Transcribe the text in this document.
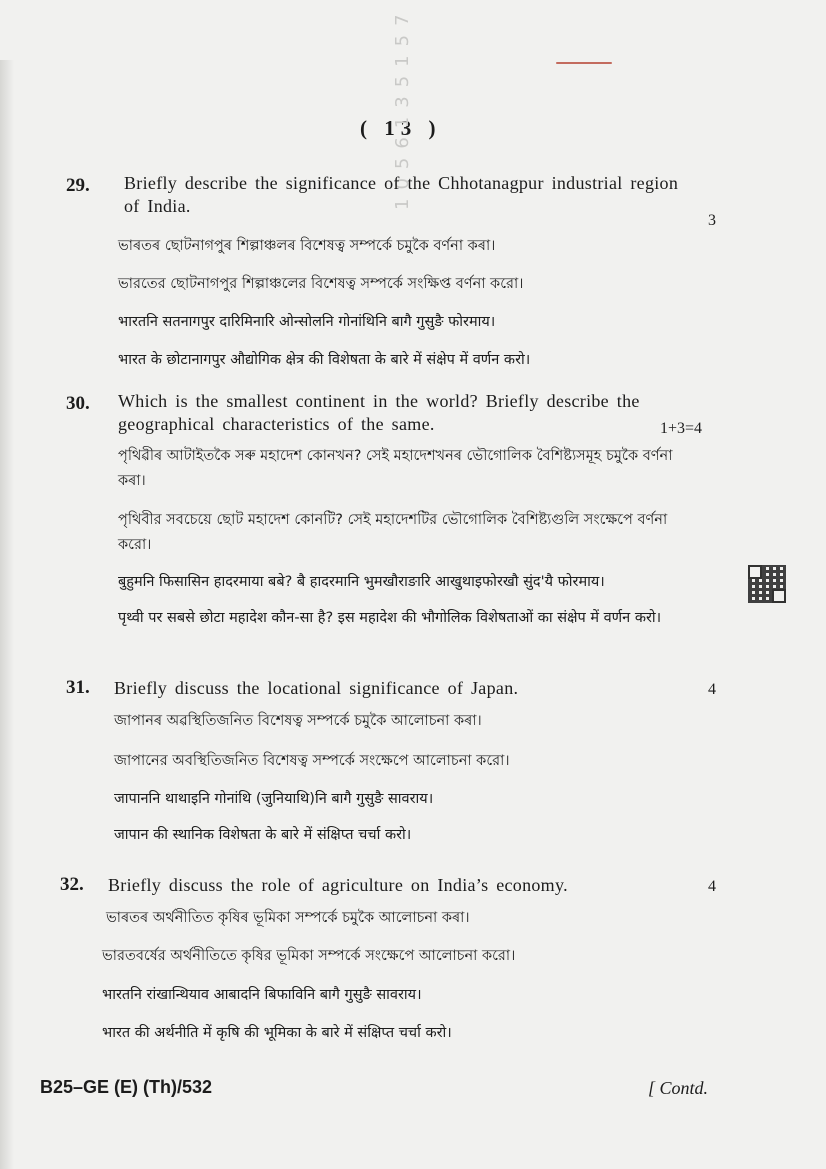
( 13 )
1056135157
29. Briefly describe the significance of the Chhotanagpur industrial region of India.
3
ভাৰতৰ ছোটনাগপুৰ শিল্পাঞ্চলৰ বিশেষত্ব সম্পৰ্কে চমুকৈ বৰ্ণনা কৰা।
ভারতের ছোটনাগপুর শিল্পাঞ্চলের বিশেষত্ব সম্পর্কে সংক্ষিপ্ত বর্ণনা করো।
भारतनि सतनागपुर दारिमिनारि ओन्सोलनि गोनांथिनि बागै गुसुङै फोरमाय।
भारत के छोटानागपुर औद्योगिक क्षेत्र की विशेषता के बारे में संक्षेप में वर्णन करो।
30. Which is the smallest continent in the world? Briefly describe the geographical characteristics of the same.	1+3=4
পৃথিৱীৰ আটাইতকৈ সৰু মহাদেশ কোনখন? সেই মহাদেশখনৰ ভৌগোলিক বৈশিষ্ট্যসমূহ চমুকৈ বৰ্ণনা কৰা।
পৃথিবীর সবচেয়ে ছোট মহাদেশ কোনটি? সেই মহাদেশটির ভৌগোলিক বৈশিষ্ট্যগুলি সংক্ষেপে বর্ণনা করো।
बुहुमनि फिसासिन हादरमाया बबे? बै हादरमानि भुमखौराङारि आखुथाइफोरखौ सुंद'यै फोरमाय।
पृथ्वी पर सबसे छोटा महादेश कौन-सा है? इस महादेश की भौगोलिक विशेषताओं का संक्षेप में वर्णन करो।
31. Briefly discuss the locational significance of Japan.	4
জাপানৰ অৱস্থিতিজনিত বিশেষত্ব সম্পৰ্কে চমুকৈ আলোচনা কৰা।
জাপানের অবস্থিতিজনিত বিশেষত্ব সম্পর্কে সংক্ষেপে আলোচনা করো।
जापाननि थाथाइनि गोनांथि (जुनियाथि)नि बागै गुसुङै सावराय।
जापान की स्थानिक विशेषता के बारे में संक्षिप्त चर्चा करो।
32. Briefly discuss the role of agriculture on India’s economy.	4
ভাৰতৰ অৰ্থনীতিত কৃষিৰ ভূমিকা সম্পৰ্কে চমুকৈ আলোচনা কৰা।
ভারতবর্ষের অর্থনীতিতে কৃষির ভূমিকা সম্পর্কে সংক্ষেপে আলোচনা করো।
भारतनि रांखान्थियाव आबादनि बिफाविनि बागै गुसुङै सावराय।
भारत की अर्थनीति में कृषि की भूमिका के बारे में संक्षिप्त चर्चा करो।
B25–GE (E) (Th)/532	[ Contd.
